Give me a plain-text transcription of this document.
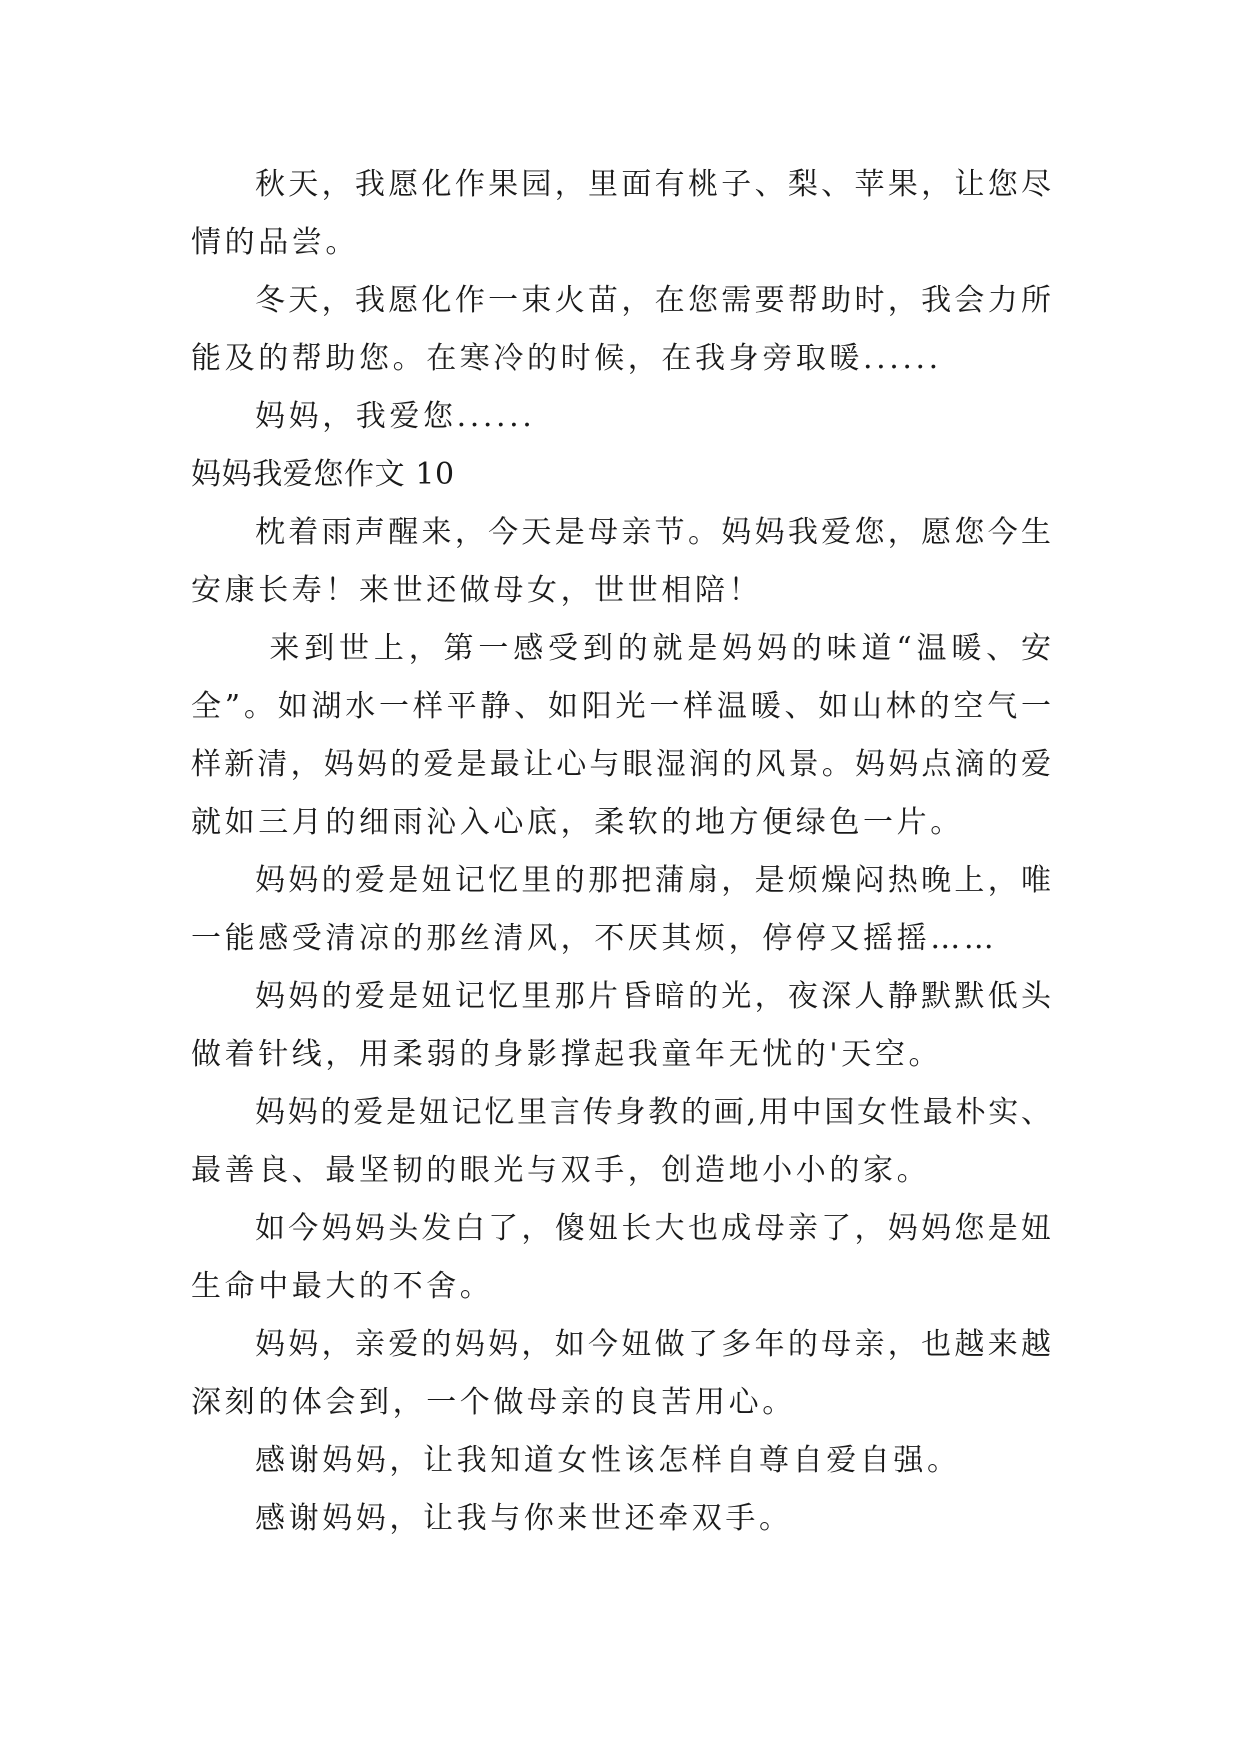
秋天，我愿化作果园，里面有桃子、梨、苹果，让您尽
情的品尝。
冬天，我愿化作一束火苗，在您需要帮助时，我会力所
能及的帮助您。在寒冷的时候，在我身旁取暖......
妈妈，我爱您......
妈妈我爱您作文 10
枕着雨声醒来，今天是母亲节。妈妈我爱您，愿您今生
安康长寿！来世还做母女，世世相陪！
来到世上，第一感受到的就是妈妈的味道“温暖、安
全”。如湖水一样平静、如阳光一样温暖、如山林的空气一
样新清，妈妈的爱是最让心与眼湿润的风景。妈妈点滴的爱
就如三月的细雨沁入心底，柔软的地方便绿色一片。
妈妈的爱是妞记忆里的那把蒲扇，是烦燥闷热晚上，唯
一能感受清凉的那丝清风，不厌其烦，停停又摇摇……
妈妈的爱是妞记忆里那片昏暗的光，夜深人静默默低头
做着针线，用柔弱的身影撑起我童年无忧的'天空。
妈妈的爱是妞记忆里言传身教的画,用中国女性最朴实、
最善良、最坚韧的眼光与双手，创造地小小的家。
如今妈妈头发白了，傻妞长大也成母亲了，妈妈您是妞
生命中最大的不舍。
妈妈，亲爱的妈妈，如今妞做了多年的母亲，也越来越
深刻的体会到，一个做母亲的良苦用心。
感谢妈妈，让我知道女性该怎样自尊自爱自强。
感谢妈妈，让我与你来世还牵双手。
